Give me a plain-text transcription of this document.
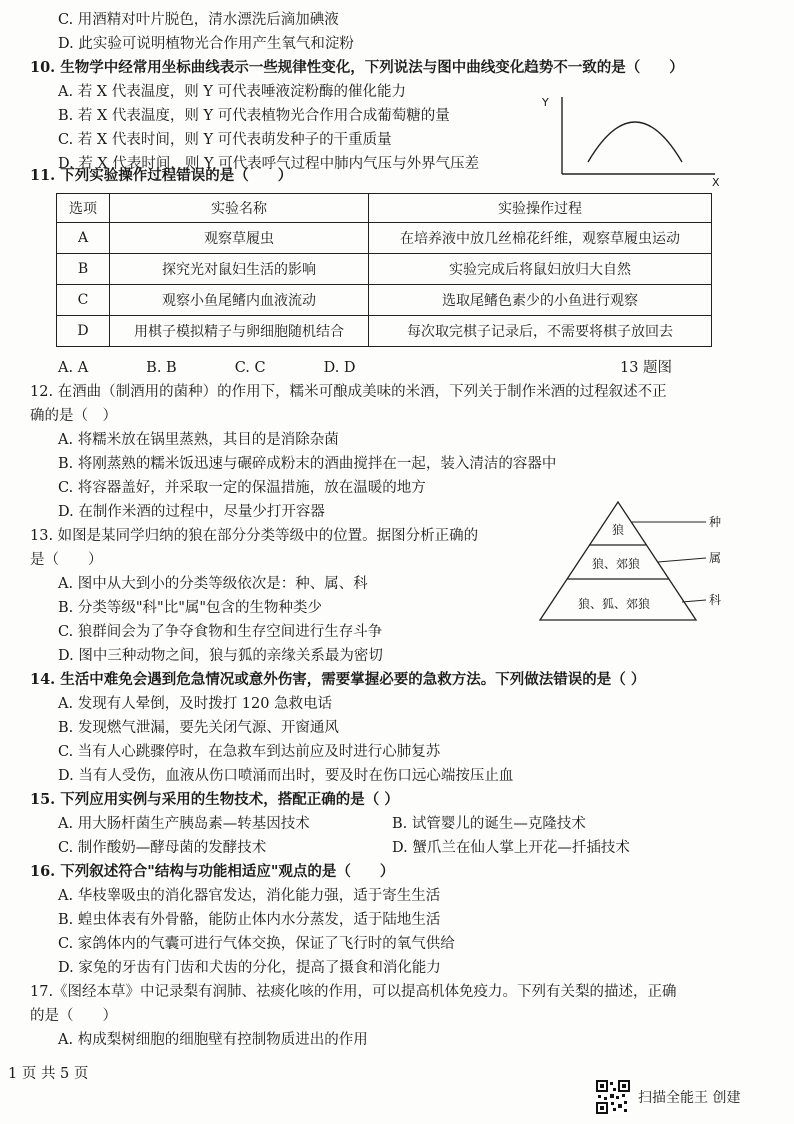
C. 用酒精对叶片脱色，清水漂洗后滴加碘液
D. 此实验可说明植物光合作用产生氧气和淀粉
10. 生物学中经常用坐标曲线表示一些规律性变化，下列说法与图中曲线变化趋势不一致的是（　　）
A. 若 X 代表温度，则 Y 可代表唾液淀粉酶的催化能力
B. 若 X 代表温度，则 Y 可代表植物光合作用合成葡萄糖的量
C. 若 X 代表时间，则 Y 可代表萌发种子的干重质量
D. 若 X 代表时间，则 Y 可代表呼气过程中肺内气压与外界气压差
Y
X
11. 下列实验操作过程错误的是（　　）
选项	实验名称	实验操作过程
A	观察草履虫	在培养液中放几丝棉花纤维，观察草履虫运动
B	探究光对鼠妇生活的影响	实验完成后将鼠妇放归大自然
C	观察小鱼尾鳍内血液流动	选取尾鳍色素少的小鱼进行观察
D	用棋子模拟精子与卵细胞随机结合	每次取完棋子记录后，不需要将棋子放回去
A. A　　　　B. B　　　　C. C　　　　D. D	13 题图
12. 在酒曲（制酒用的菌种）的作用下，糯米可酿成美味的米酒，下列关于制作米酒的过程叙述不正
确的是（　）
A. 将糯米放在锅里蒸熟，其目的是消除杂菌
B. 将刚蒸熟的糯米饭迅速与碾碎成粉末的酒曲搅拌在一起，装入清洁的容器中
C. 将容器盖好，并采取一定的保温措施，放在温暖的地方
D. 在制作米酒的过程中，尽量少打开容器
13. 如图是某同学归纳的狼在部分分类等级中的位置。据图分析正确的
是（　　）
A. 图中从大到小的分类等级依次是：种、属、科
B. 分类等级"科"比"属"包含的生物种类少
C. 狼群间会为了争夺食物和生存空间进行生存斗争
D. 图中三种动物之间，狼与狐的亲缘关系最为密切
狼
狼、郊狼
狼、狐、郊狼
种
属
科
14. 生活中难免会遇到危急情况或意外伤害，需要掌握必要的急救方法。下列做法错误的是（ ）
A. 发现有人晕倒，及时拨打 120 急救电话
B. 发现燃气泄漏，要先关闭气源、开窗通风
C. 当有人心跳骤停时，在急救车到达前应及时进行心肺复苏
D. 当有人受伤，血液从伤口喷涌而出时，要及时在伤口远心端按压止血
15. 下列应用实例与采用的生物技术，搭配正确的是（ ）
A. 用大肠杆菌生产胰岛素—转基因技术	B. 试管婴儿的诞生—克隆技术
C. 制作酸奶—酵母菌的发酵技术	D. 蟹爪兰在仙人掌上开花—扦插技术
16. 下列叙述符合"结构与功能相适应"观点的是（　　）
A. 华枝睾吸虫的消化器官发达，消化能力强，适于寄生生活
B. 蝗虫体表有外骨骼，能防止体内水分蒸发，适于陆地生活
C. 家鸽体内的气囊可进行气体交换，保证了飞行时的氧气供给
D. 家兔的牙齿有门齿和犬齿的分化，提高了摄食和消化能力
17.《图经本草》中记录梨有润肺、祛痰化咳的作用，可以提高机体免疫力。下列有关梨的描述，正确
的是（　　）
A. 构成梨树细胞的细胞壁有控制物质进出的作用
1 页 共 5 页
扫描全能王 创建
